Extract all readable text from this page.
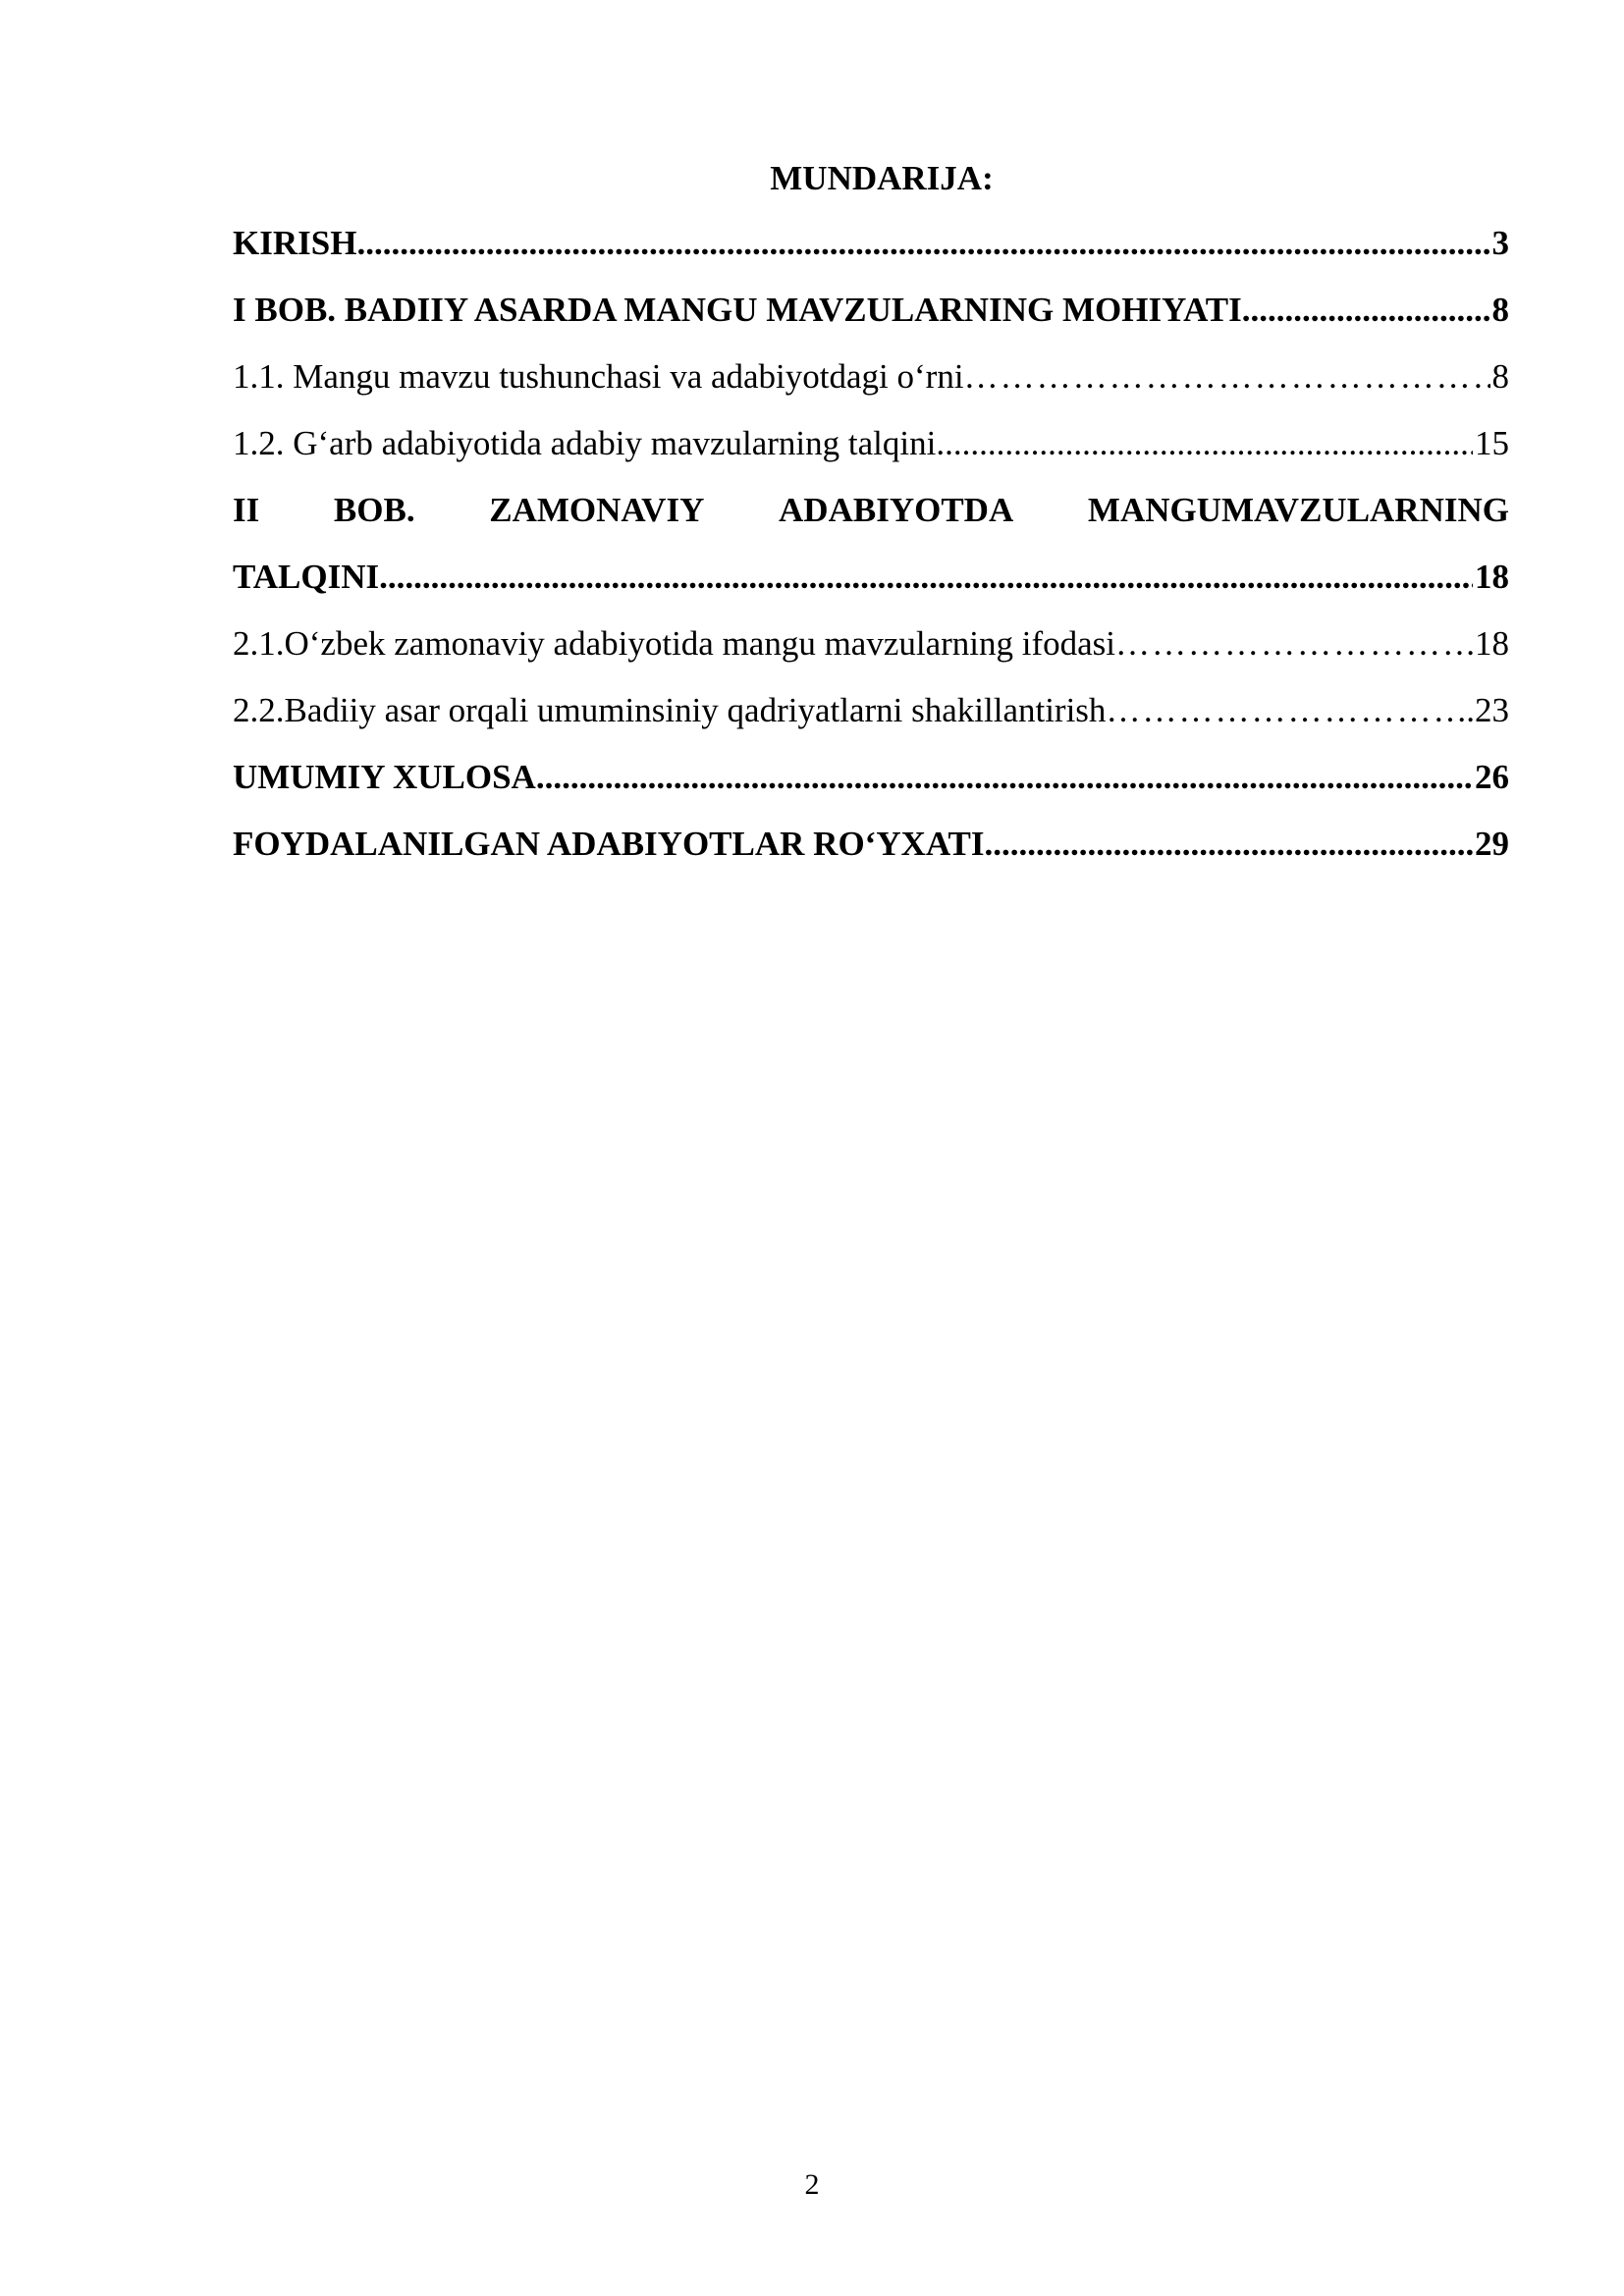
MUNDARIJA:
KIRISH .....	3
I BOB. BADIIY ASARDA MANGU MAVZULARNING MOHIYATI .....	8
1.1. Mangu mavzu tushunchasi va adabiyotdagi o‘rni ………………………………………………………………………………………………………………………………………………………………………………………………………………	8
1.2. G‘arb adabiyotida adabiy mavzularning talqini .....	15
II BOB. ZAMONAVIY ADABIYOTDA MANGUMAVZULARNING
TALQINI .....	18
2.1.O‘zbek zamonaviy adabiyotida mangu mavzularning ifodasi ………………………………………………………………………………………………………………………………………………………………………………………………………………	.18
2.2.Badiiy asar orqali umuminsiniy qadriyatlarni shakillantirish ………………………………………………………………………………………………………………………………………………………………………………………………………………	.23
UMUMIY XULOSA .....	26
FOYDALANILGAN ADABIYOTLAR RO‘YXATI .....	29
2
